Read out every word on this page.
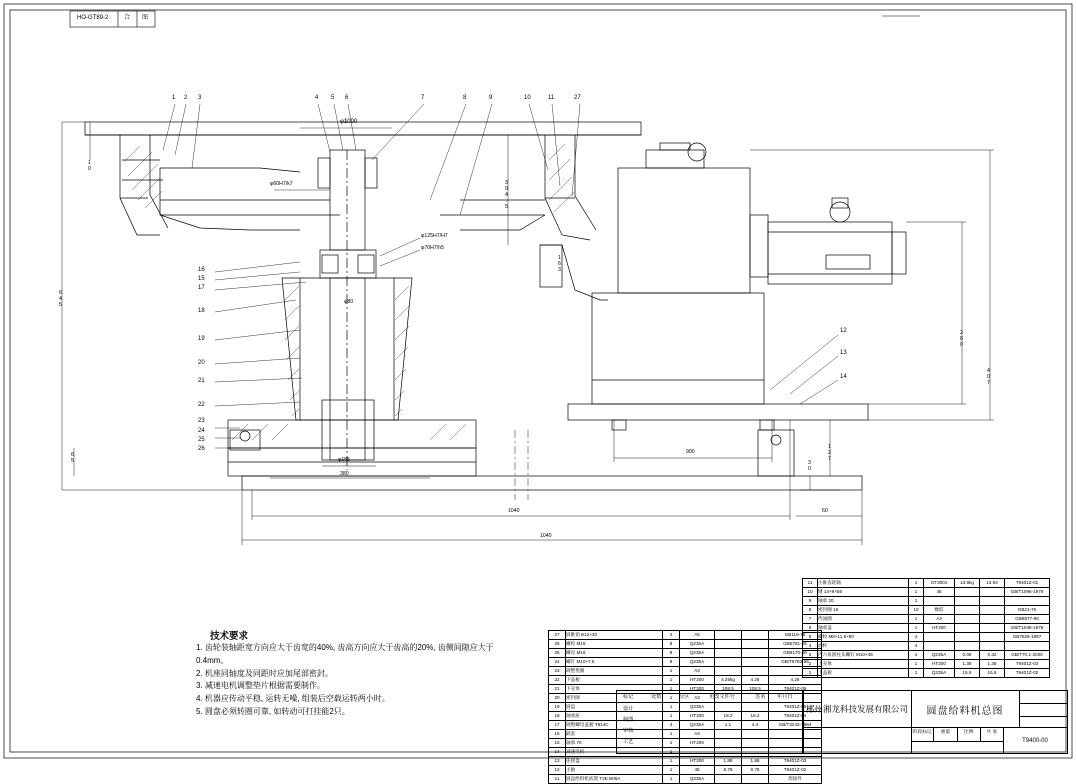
HO-GT89-2	合 图
φ1000
φ60H7/k7
φ125H7/H7
φ70H7/h5
φ80
φ155
380
1040
1040
900
60
645
10
65
394.5
280
407
127
30
163
1 2 3	4 5 6	7	8	9	10	11	27
16
15
17
18
19
20
21
22
23
24
25
26
12
13
14
技术要求
1. 齿轮装轴距宽方向应大于齿宽的40%, 齿高方向应大于齿高的20%, 齿侧间隙应大于0.4mm。
2. 机座同轴度及同距时应加尾部密封。
3. 减速电机调整垫片根据需要制作。
4. 机器应传动平稳, 运转无噪, 组装后空载运转两小时。
5. 圆盘必须转圈可靠, 如转动可打挂能2只。
11	小锥齿轮轴	1	GT3001	13.9kg	13.94	T9401Z-01
10	键 14×9×56	1	45			GB/T1096-1979
9	轴承 20	1				
8	密封圈 19	10	橡胶			GB21-76
7	挡油圈	1	A3			GB9877-86
6	轴承盖	1	HT200			GB/T1048-1979
5	螺栓 M8×11.5×80	4				GB7528-1987
4	油杯	4				
3	内六角圆柱头螺钉 M10×45	4	Q235A	0.08	0.32	GB/T70.1-2000
2	上壳体	1	HT200	1.38	1.38	T9401Z-03
1	上盖板	1	Q235A	15.9	15.9	T9401Z-02
27	圆锥销 B12×30	2	A5			GB119-76
26	螺栓 M16	8	Q235A			GB5781-86
25	螺母 M16	8	Q235A			GB6170-86
24	螺钉 M10×7.5	8	Q235A			GB/T5783-86
23	调整垫圈	1	A3			
22	下盖板	1	HT200	4.25kg	4.25	4.25
21	下壳体	1	HT200	108.5	108.5	T9401Z-06
20	密封圈	1	A3			
19	圆盘	1	Q235A			T9401Z-05
18	轴承座	1	HT200	18.2	18.2	T9401Z-04
17	调整螺母盖板 T814C	4	Q235A	1.1	4.4	GB/T3243-1984
16	隔套	1	A3			
15	轴承 70	1	HT200			
14	减速电机	1				
13	连接盘	1	HT200	1.88	1.88	T9401Z-03
12	主轴	1	45	8.78	8.78	T9401Z-02
11	圆盘给料机底架 T2E B05A	1	Q235A			焊接件
郴州湘龙科技发展有限公司 圆盘给料机总图
阶段标记	重量	比例	共 张
T9400-00
标记	处数	分区	更改文件号	签名 年月日
设计
制图
审核
工艺
